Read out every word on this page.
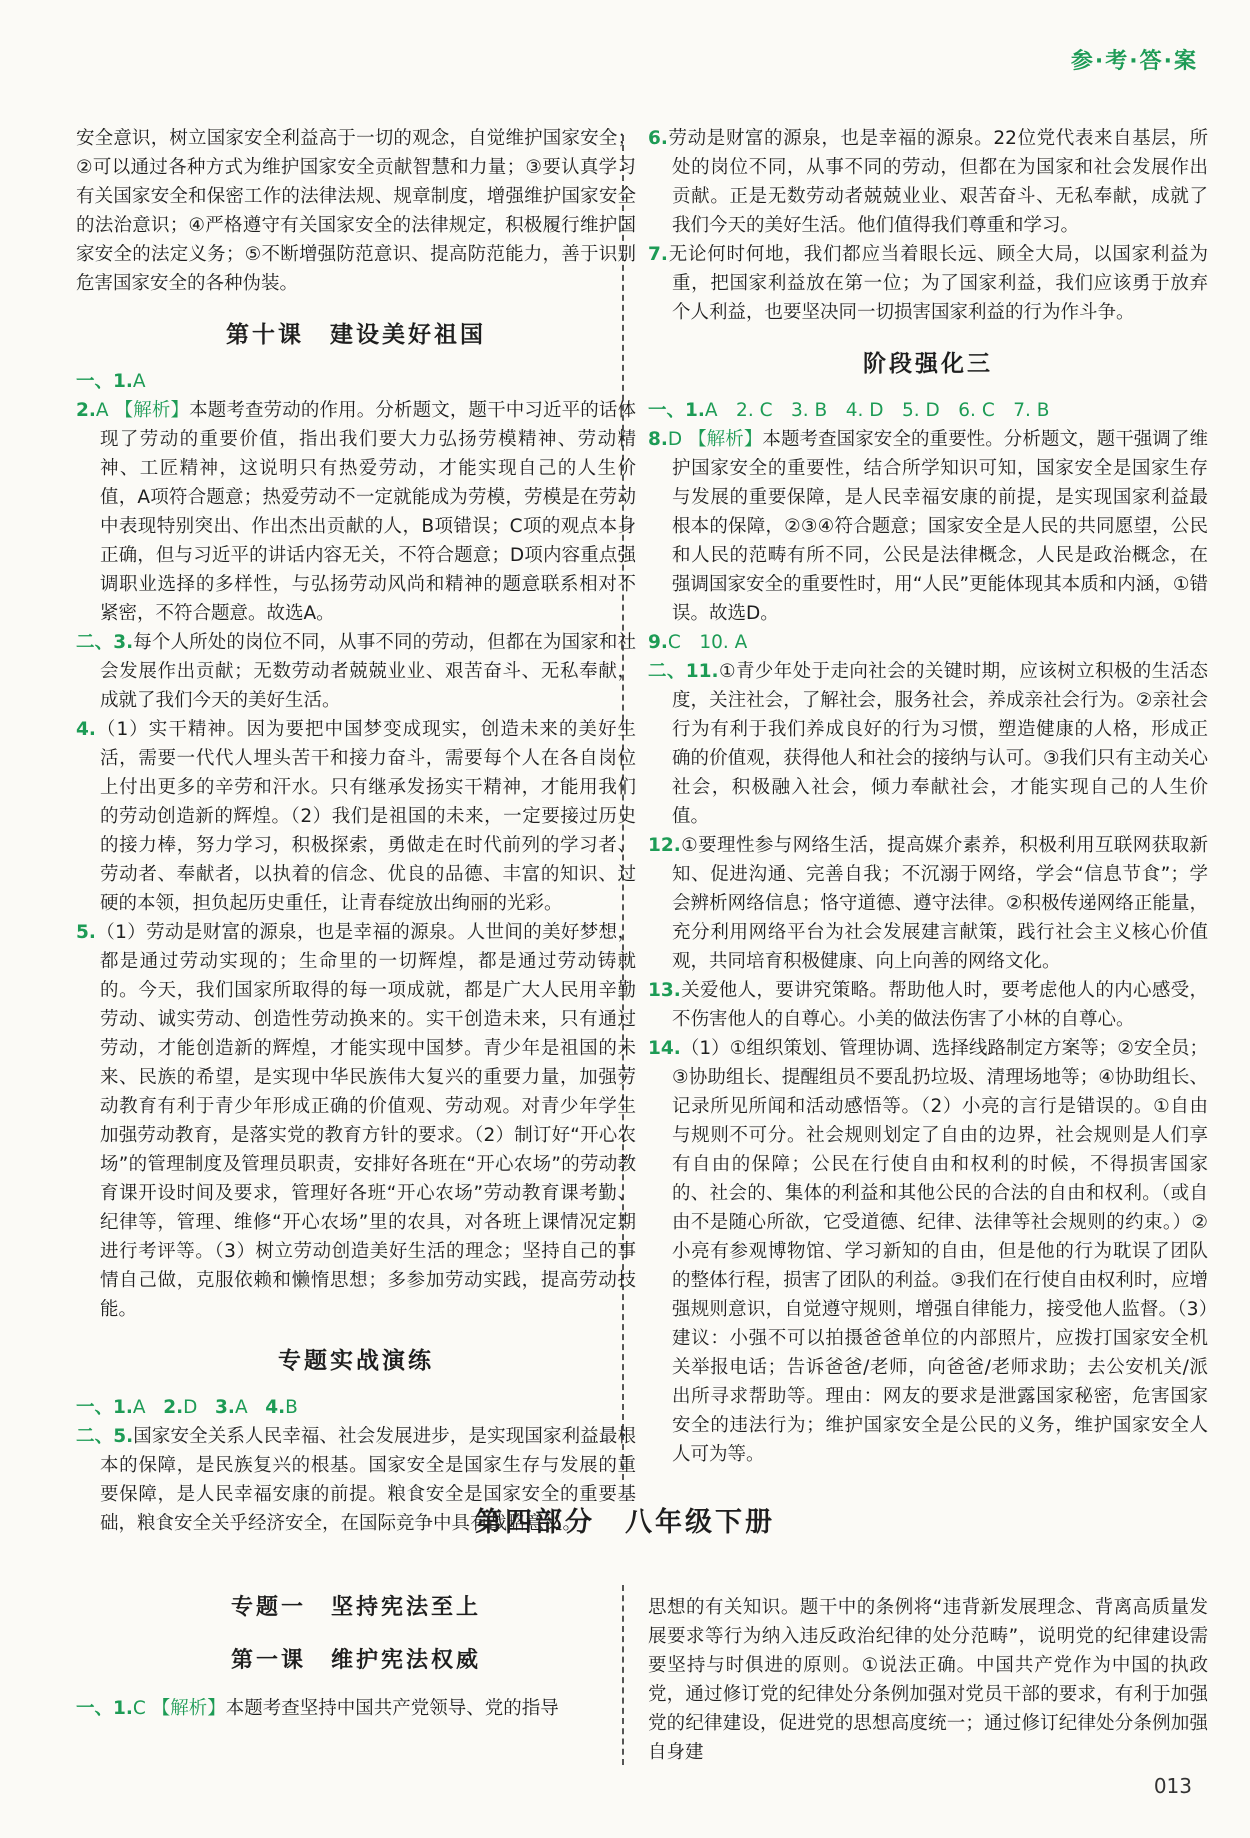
参·考·答·案

安全意识，树立国家安全利益高于一切的观念，自觉维护国家安全；②可以通过各种方式为维护国家安全贡献智慧和力量；③要认真学习有关国家安全和保密工作的法律法规、规章制度，增强维护国家安全的法治意识；④严格遵守有关国家安全的法律规定，积极履行维护国家安全的法定义务；⑤不断增强防范意识、提高防范能力，善于识别危害国家安全的各种伪装。

第十课　建设美好祖国

一、1.A

2.A 【解析】本题考查劳动的作用。分析题文，题干中习近平的话体现了劳动的重要价值，指出我们要大力弘扬劳模精神、劳动精神、工匠精神，这说明只有热爱劳动，才能实现自己的人生价值，A项符合题意；热爱劳动不一定就能成为劳模，劳模是在劳动中表现特别突出、作出杰出贡献的人，B项错误；C项的观点本身正确，但与习近平的讲话内容无关，不符合题意；D项内容重点强调职业选择的多样性，与弘扬劳动风尚和精神的题意联系相对不紧密，不符合题意。故选A。

二、3.每个人所处的岗位不同，从事不同的劳动，但都在为国家和社会发展作出贡献；无数劳动者兢兢业业、艰苦奋斗、无私奉献，成就了我们今天的美好生活。

4.（1）实干精神。因为要把中国梦变成现实，创造未来的美好生活，需要一代代人埋头苦干和接力奋斗，需要每个人在各自岗位上付出更多的辛劳和汗水。只有继承发扬实干精神，才能用我们的劳动创造新的辉煌。（2）我们是祖国的未来，一定要接过历史的接力棒，努力学习，积极探索，勇做走在时代前列的学习者、劳动者、奉献者，以执着的信念、优良的品德、丰富的知识、过硬的本领，担负起历史重任，让青春绽放出绚丽的光彩。

5.（1）劳动是财富的源泉，也是幸福的源泉。人世间的美好梦想，都是通过劳动实现的；生命里的一切辉煌，都是通过劳动铸就的。今天，我们国家所取得的每一项成就，都是广大人民用辛勤劳动、诚实劳动、创造性劳动换来的。实干创造未来，只有通过劳动，才能创造新的辉煌，才能实现中国梦。青少年是祖国的未来、民族的希望，是实现中华民族伟大复兴的重要力量，加强劳动教育有利于青少年形成正确的价值观、劳动观。对青少年学生加强劳动教育，是落实党的教育方针的要求。（2）制订好“开心农场”的管理制度及管理员职责，安排好各班在“开心农场”的劳动教育课开设时间及要求，管理好各班“开心农场”劳动教育课考勤、纪律等，管理、维修“开心农场”里的农具，对各班上课情况定期进行考评等。（3）树立劳动创造美好生活的理念；坚持自己的事情自己做，克服依赖和懒惰思想；多参加劳动实践，提高劳动技能。

专题实战演练

一、1.A 2.D 3.A 4.B

二、5.国家安全关系人民幸福、社会发展进步，是实现国家利益最根本的保障，是民族复兴的根基。国家安全是国家生存与发展的重要保障，是人民幸福安康的前提。粮食安全是国家安全的重要基础，粮食安全关乎经济安全，在国际竞争中具有战略意义。

6.劳动是财富的源泉，也是幸福的源泉。22位党代表来自基层，所处的岗位不同，从事不同的劳动，但都在为国家和社会发展作出贡献。正是无数劳动者兢兢业业、艰苦奋斗、无私奉献，成就了我们今天的美好生活。他们值得我们尊重和学习。

7.无论何时何地，我们都应当着眼长远、顾全大局，以国家利益为重，把国家利益放在第一位；为了国家利益，我们应该勇于放弃个人利益，也要坚决同一切损害国家利益的行为作斗争。

阶段强化三

一、1.A　2. C　3. B　4. D　5. D　6. C　7. B

8.D 【解析】本题考查国家安全的重要性。分析题文，题干强调了维护国家安全的重要性，结合所学知识可知，国家安全是国家生存与发展的重要保障，是人民幸福安康的前提，是实现国家利益最根本的保障，②③④符合题意；国家安全是人民的共同愿望，公民和人民的范畴有所不同，公民是法律概念，人民是政治概念，在强调国家安全的重要性时，用“人民”更能体现其本质和内涵，①错误。故选D。

9.C　10. A

二、11.①青少年处于走向社会的关键时期，应该树立积极的生活态度，关注社会，了解社会，服务社会，养成亲社会行为。②亲社会行为有利于我们养成良好的行为习惯，塑造健康的人格，形成正确的价值观，获得他人和社会的接纳与认可。③我们只有主动关心社会，积极融入社会，倾力奉献社会，才能实现自己的人生价值。

12.①要理性参与网络生活，提高媒介素养，积极利用互联网获取新知、促进沟通、完善自我；不沉溺于网络，学会“信息节食”；学会辨析网络信息；恪守道德、遵守法律。②积极传递网络正能量，充分利用网络平台为社会发展建言献策，践行社会主义核心价值观，共同培育积极健康、向上向善的网络文化。

13.关爱他人，要讲究策略。帮助他人时，要考虑他人的内心感受，不伤害他人的自尊心。小美的做法伤害了小林的自尊心。

14.（1）①组织策划、管理协调、选择线路制定方案等；②安全员；③协助组长、提醒组员不要乱扔垃圾、清理场地等；④协助组长、记录所见所闻和活动感悟等。（2）小亮的言行是错误的。①自由与规则不可分。社会规则划定了自由的边界，社会规则是人们享有自由的保障；公民在行使自由和权利的时候，不得损害国家的、社会的、集体的利益和其他公民的合法的自由和权利。（或自由不是随心所欲，它受道德、纪律、法律等社会规则的约束。）②小亮有参观博物馆、学习新知的自由，但是他的行为耽误了团队的整体行程，损害了团队的利益。③我们在行使自由权利时，应增强规则意识，自觉遵守规则，增强自律能力，接受他人监督。（3）建议：小强不可以拍摄爸爸单位的内部照片，应拨打国家安全机关举报电话；告诉爸爸/老师，向爸爸/老师求助；去公安机关/派出所寻求帮助等。理由：网友的要求是泄露国家秘密，危害国家安全的违法行为；维护国家安全是公民的义务，维护国家安全人人可为等。

第四部分　八年级下册
专题一　坚持宪法至上
第一课　维护宪法权威

一、1.C 【解析】本题考查坚持中国共产党领导、党的指导

思想的有关知识。题干中的条例将“违背新发展理念、背离高质量发展要求等行为纳入违反政治纪律的处分范畴”，说明党的纪律建设需要坚持与时俱进的原则。①说法正确。中国共产党作为中国的执政党，通过修订党的纪律处分条例加强对党员干部的要求，有利于加强党的纪律建设，促进党的思想高度统一；通过修订纪律处分条例加强自身建

013
